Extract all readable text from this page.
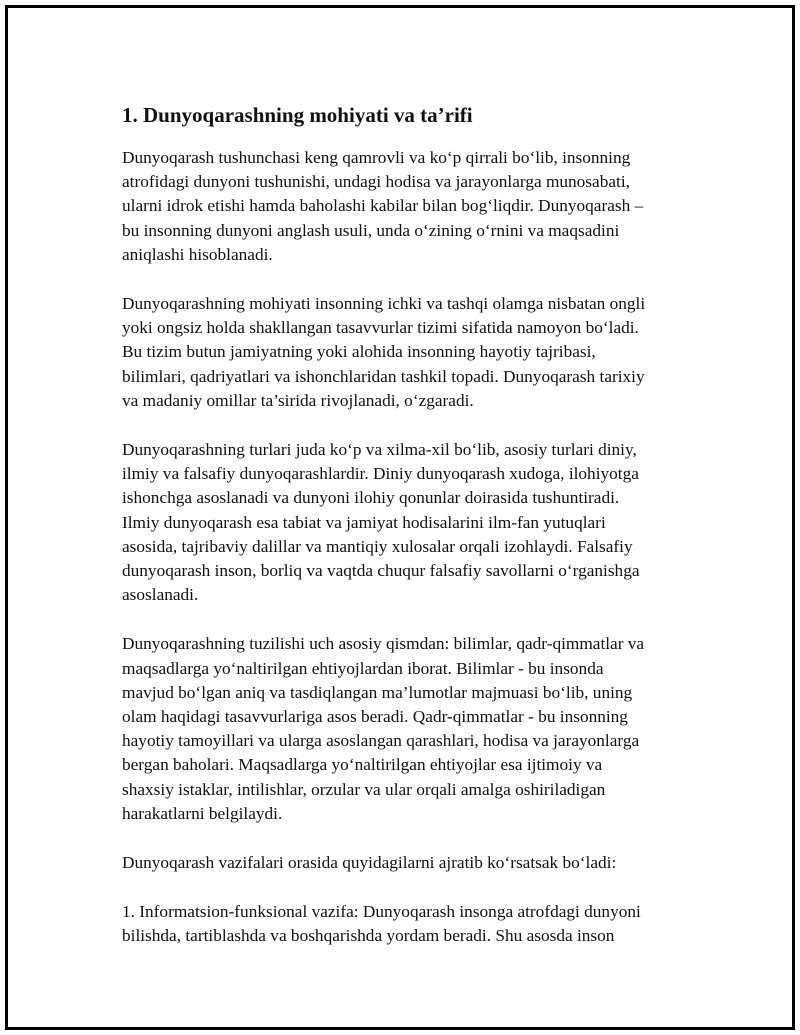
1. Dunyoqarashning mohiyati va ta’rifi
Dunyoqarash tushunchasi keng qamrovli va koʻp qirrali boʻlib, insonning
atrofidagi dunyoni tushunishi, undagi hodisa va jarayonlarga munosabati,
ularni idrok etishi hamda baholashi kabilar bilan bogʻliqdir. Dunyoqarash –
bu insonning dunyoni anglash usuli, unda oʻzining oʻrnini va maqsadini
aniqlashi hisoblanadi.
Dunyoqarashning mohiyati insonning ichki va tashqi olamga nisbatan ongli
yoki ongsiz holda shakllangan tasavvurlar tizimi sifatida namoyon boʻladi.
Bu tizim butun jamiyatning yoki alohida insonning hayotiy tajribasi,
bilimlari, qadriyatlari va ishonchlaridan tashkil topadi. Dunyoqarash tarixiy
va madaniy omillar ta’sirida rivojlanadi, oʻzgaradi.
Dunyoqarashning turlari juda koʻp va xilma-xil boʻlib, asosiy turlari diniy,
ilmiy va falsafiy dunyoqarashlardir. Diniy dunyoqarash xudoga, ilohiyotga
ishonchga asoslanadi va dunyoni ilohiy qonunlar doirasida tushuntiradi.
Ilmiy dunyoqarash esa tabiat va jamiyat hodisalarini ilm-fan yutuqlari
asosida, tajribaviy dalillar va mantiqiy xulosalar orqali izohlaydi. Falsafiy
dunyoqarash inson, borliq va vaqtda chuqur falsafiy savollarni oʻrganishga
asoslanadi.
Dunyoqarashning tuzilishi uch asosiy qismdan: bilimlar, qadr-qimmatlar va
maqsadlarga yoʻnaltirilgan ehtiyojlardan iborat. Bilimlar - bu insonda
mavjud boʻlgan aniq va tasdiqlangan ma’lumotlar majmuasi boʻlib, uning
olam haqidagi tasavvurlariga asos beradi. Qadr-qimmatlar - bu insonning
hayotiy tamoyillari va ularga asoslangan qarashlari, hodisa va jarayonlarga
bergan baholari. Maqsadlarga yoʻnaltirilgan ehtiyojlar esa ijtimoiy va
shaxsiy istaklar, intilishlar, orzular va ular orqali amalga oshiriladigan
harakatlarni belgilaydi.
Dunyoqarash vazifalari orasida quyidagilarni ajratib koʻrsatsak boʻladi:
1. Informatsion-funksional vazifa: Dunyoqarash insonga atrofdagi dunyoni
bilishda, tartiblashda va boshqarishda yordam beradi. Shu asosda inson
